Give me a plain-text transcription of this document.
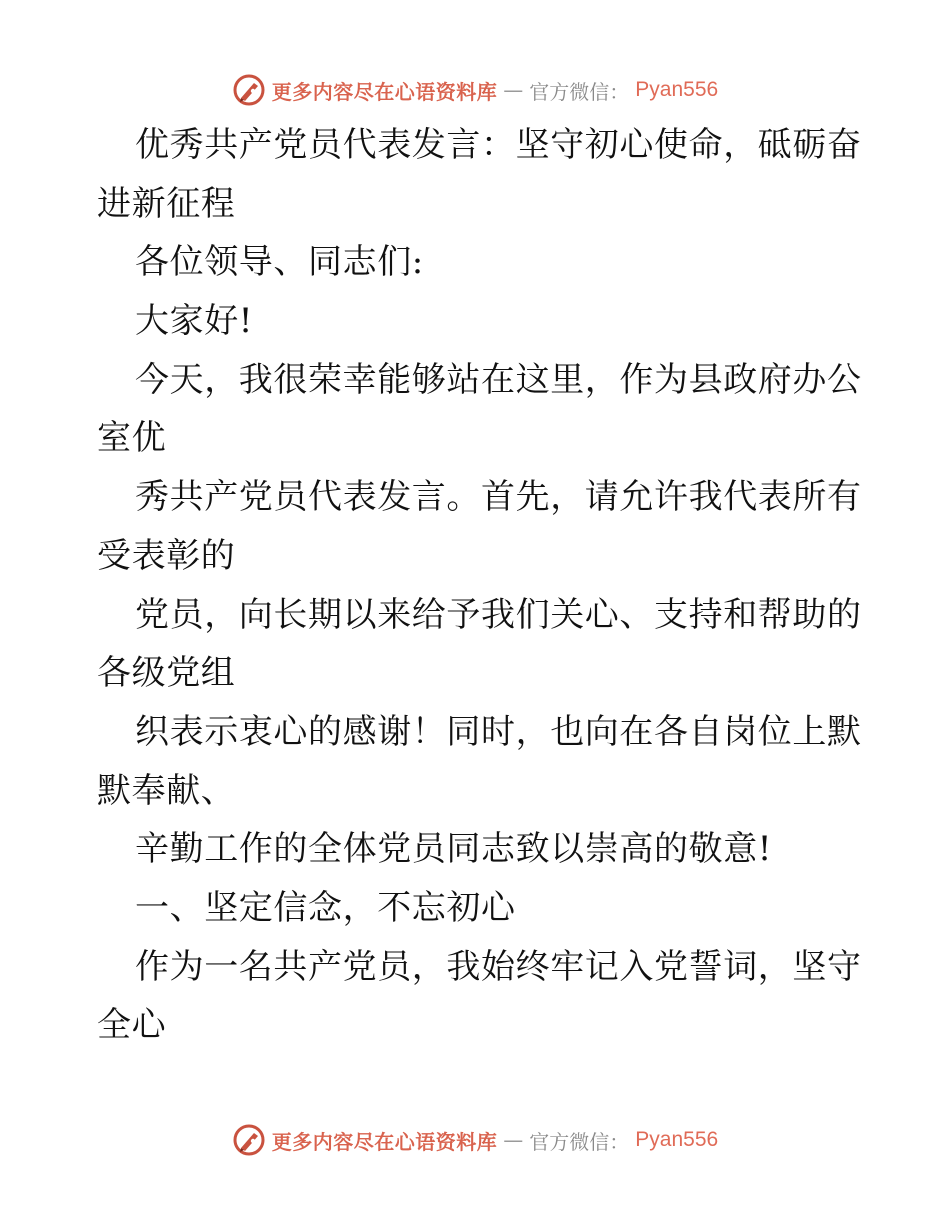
更多内容尽在心语资料库 — 官方微信： Pyan556
优秀共产党员代表发言：坚守初心使命，砥砺奋
进新征程
各位领导、同志们:
大家好!
今天，我很荣幸能够站在这里，作为县政府办公
室优
秀共产党员代表发言。首先，请允许我代表所有
受表彰的
党员，向长期以来给予我们关心、支持和帮助的
各级党组
织表示衷心的感谢！同时，也向在各自岗位上默
默奉献、
辛勤工作的全体党员同志致以崇高的敬意!
一、坚定信念，不忘初心
作为一名共产党员，我始终牢记入党誓词，坚守
全心
更多内容尽在心语资料库 — 官方微信： Pyan556
